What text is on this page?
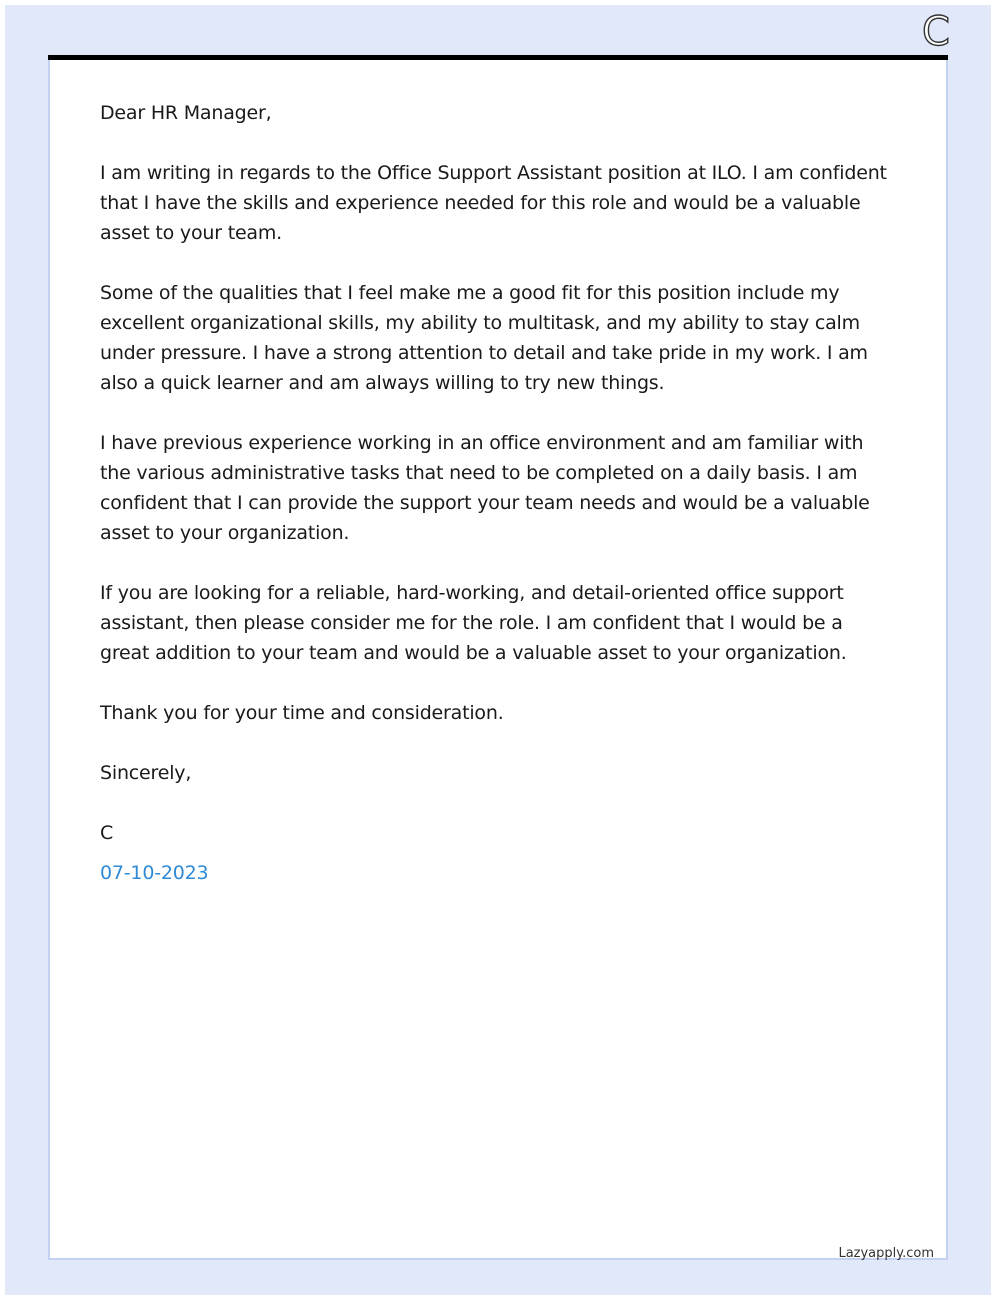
C

Dear HR Manager,

I am writing in regards to the Office Support Assistant position at ILO. I am confident that I have the skills and experience needed for this role and would be a valuable asset to your team.

Some of the qualities that I feel make me a good fit for this position include my excellent organizational skills, my ability to multitask, and my ability to stay calm under pressure. I have a strong attention to detail and take pride in my work. I am also a quick learner and am always willing to try new things.

I have previous experience working in an office environment and am familiar with the various administrative tasks that need to be completed on a daily basis. I am confident that I can provide the support your team needs and would be a valuable asset to your organization.

If you are looking for a reliable, hard-working, and detail-oriented office support assistant, then please consider me for the role. I am confident that I would be a great addition to your team and would be a valuable asset to your organization.

Thank you for your time and consideration.

Sincerely,

C

07-10-2023

Lazyapply.com
